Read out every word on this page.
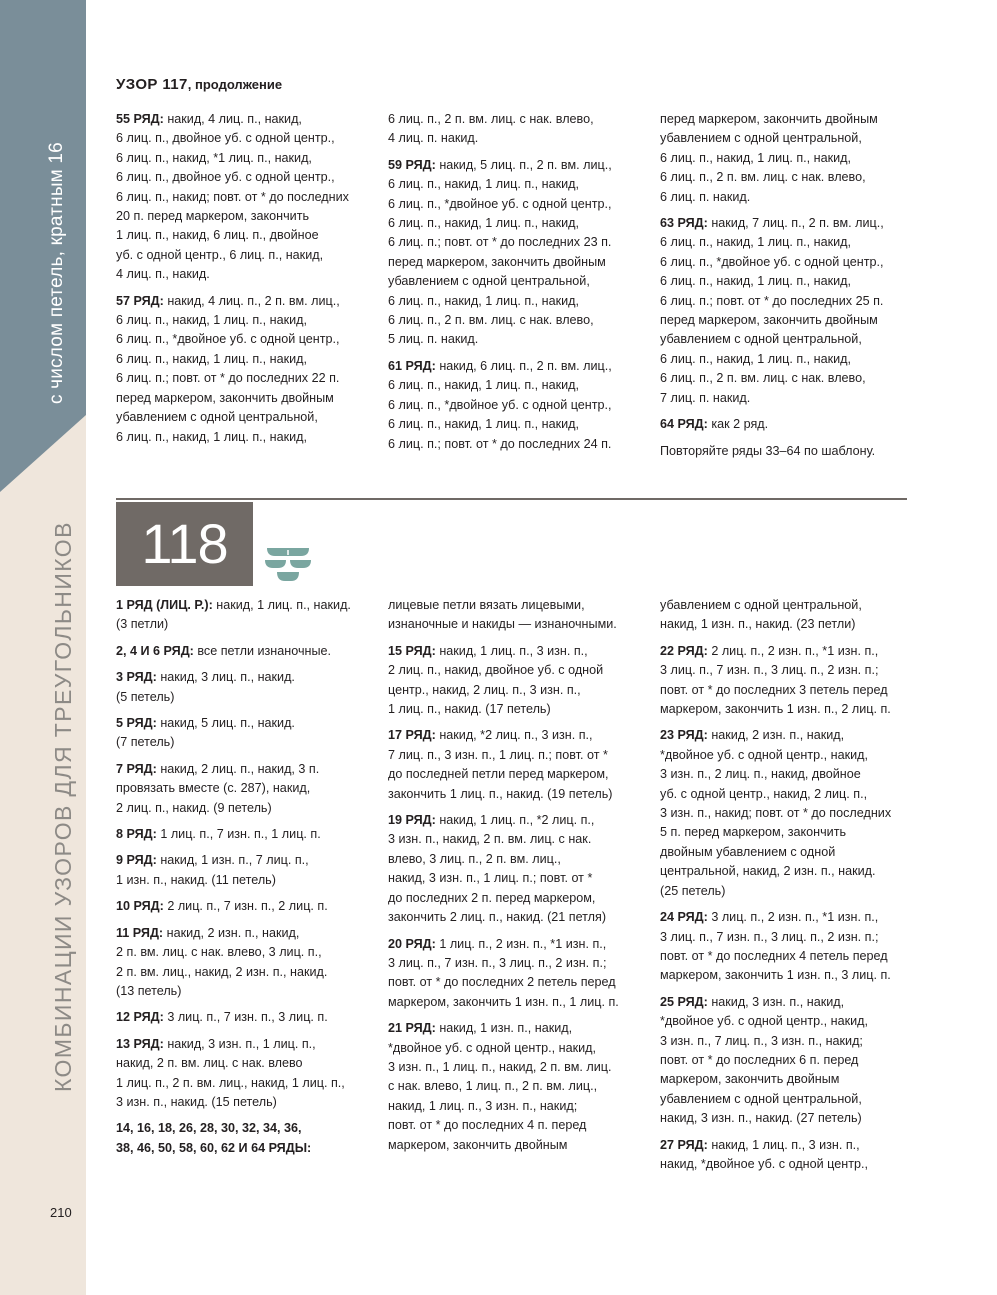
с числом петель, кратным 16
КОМБИНАЦИИ УЗОРОВ ДЛЯ ТРЕУГОЛЬНИКОВ
210
УЗОР 117, продолжение

55 РЯД: накид, 4 лиц. п., накид,
6 лиц. п., двойное уб. с одной центр.,
6 лиц. п., накид, *1 лиц. п., накид,
6 лиц. п., двойное уб. с одной центр.,
6 лиц. п., накид; повт. от * до последних
20 п. перед маркером, закончить
1 лиц. п., накид, 6 лиц. п., двойное
уб. с одной центр., 6 лиц. п., накид,
4 лиц. п., накид.

57 РЯД: накид, 4 лиц. п., 2 п. вм. лиц.,
6 лиц. п., накид, 1 лиц. п., накид,
6 лиц. п., *двойное уб. с одной центр.,
6 лиц. п., накид, 1 лиц. п., накид,
6 лиц. п.; повт. от * до последних 22 п.
перед маркером, закончить двойным
убавлением с одной центральной,
6 лиц. п., накид, 1 лиц. п., накид,

6 лиц. п., 2 п. вм. лиц. с нак. влево,
4 лиц. п. накид.

59 РЯД: накид, 5 лиц. п., 2 п. вм. лиц.,
6 лиц. п., накид, 1 лиц. п., накид,
6 лиц. п., *двойное уб. с одной центр.,
6 лиц. п., накид, 1 лиц. п., накид,
6 лиц. п.; повт. от * до последних 23 п.
перед маркером, закончить двойным
убавлением с одной центральной,
6 лиц. п., накид, 1 лиц. п., накид,
6 лиц. п., 2 п. вм. лиц. с нак. влево,
5 лиц. п. накид.

61 РЯД: накид, 6 лиц. п., 2 п. вм. лиц.,
6 лиц. п., накид, 1 лиц. п., накид,
6 лиц. п., *двойное уб. с одной центр.,
6 лиц. п., накид, 1 лиц. п., накид,
6 лиц. п.; повт. от * до последних 24 п.

перед маркером, закончить двойным
убавлением с одной центральной,
6 лиц. п., накид, 1 лиц. п., накид,
6 лиц. п., 2 п. вм. лиц. с нак. влево,
6 лиц. п. накид.

63 РЯД: накид, 7 лиц. п., 2 п. вм. лиц.,
6 лиц. п., накид, 1 лиц. п., накид,
6 лиц. п., *двойное уб. с одной центр.,
6 лиц. п., накид, 1 лиц. п., накид,
6 лиц. п.; повт. от * до последних 25 п.
перед маркером, закончить двойным
убавлением с одной центральной,
6 лиц. п., накид, 1 лиц. п., накид,
6 лиц. п., 2 п. вм. лиц. с нак. влево,
7 лиц. п. накид.

64 РЯД: как 2 ряд.

Повторяйте ряды 33–64 по шаблону.

118

1 РЯД (ЛИЦ. Р.): накид, 1 лиц. п., накид.
(3 петли)

2, 4 И 6 РЯД: все петли изнаночные.

3 РЯД: накид, 3 лиц. п., накид.
(5 петель)

5 РЯД: накид, 5 лиц. п., накид.
(7 петель)

7 РЯД: накид, 2 лиц. п., накид, 3 п.
провязать вместе (с. 287), накид,
2 лиц. п., накид. (9 петель)

8 РЯД: 1 лиц. п., 7 изн. п., 1 лиц. п.

9 РЯД: накид, 1 изн. п., 7 лиц. п.,
1 изн. п., накид. (11 петель)

10 РЯД: 2 лиц. п., 7 изн. п., 2 лиц. п.

11 РЯД: накид, 2 изн. п., накид,
2 п. вм. лиц. с нак. влево, 3 лиц. п.,
2 п. вм. лиц., накид, 2 изн. п., накид.
(13 петель)

12 РЯД: 3 лиц. п., 7 изн. п., 3 лиц. п.

13 РЯД: накид, 3 изн. п., 1 лиц. п.,
накид, 2 п. вм. лиц. с нак. влево
1 лиц. п., 2 п. вм. лиц., накид, 1 лиц. п.,
3 изн. п., накид. (15 петель)

14, 16, 18, 26, 28, 30, 32, 34, 36,
38, 46, 50, 58, 60, 62 И 64 РЯДЫ:

лицевые петли вязать лицевыми,
изнаночные и накиды — изнаночными.

15 РЯД: накид, 1 лиц. п., 3 изн. п.,
2 лиц. п., накид, двойное уб. с одной
центр., накид, 2 лиц. п., 3 изн. п.,
1 лиц. п., накид. (17 петель)

17 РЯД: накид, *2 лиц. п., 3 изн. п.,
7 лиц. п., 3 изн. п., 1 лиц. п.; повт. от *
до последней петли перед маркером,
закончить 1 лиц. п., накид. (19 петель)

19 РЯД: накид, 1 лиц. п., *2 лиц. п.,
3 изн. п., накид, 2 п. вм. лиц. с нак.
влево, 3 лиц. п., 2 п. вм. лиц.,
накид, 3 изн. п., 1 лиц. п.; повт. от *
до последних 2 п. перед маркером,
закончить 2 лиц. п., накид. (21 петля)

20 РЯД: 1 лиц. п., 2 изн. п., *1 изн. п.,
3 лиц. п., 7 изн. п., 3 лиц. п., 2 изн. п.;
повт. от * до последних 2 петель перед
маркером, закончить 1 изн. п., 1 лиц. п.

21 РЯД: накид, 1 изн. п., накид,
*двойное уб. с одной центр., накид,
3 изн. п., 1 лиц. п., накид, 2 п. вм. лиц.
с нак. влево, 1 лиц. п., 2 п. вм. лиц.,
накид, 1 лиц. п., 3 изн. п., накид;
повт. от * до последних 4 п. перед
маркером, закончить двойным

убавлением с одной центральной,
накид, 1 изн. п., накид. (23 петли)

22 РЯД: 2 лиц. п., 2 изн. п., *1 изн. п.,
3 лиц. п., 7 изн. п., 3 лиц. п., 2 изн. п.;
повт. от * до последних 3 петель перед
маркером, закончить 1 изн. п., 2 лиц. п.

23 РЯД: накид, 2 изн. п., накид,
*двойное уб. с одной центр., накид,
3 изн. п., 2 лиц. п., накид, двойное
уб. с одной центр., накид, 2 лиц. п.,
3 изн. п., накид; повт. от * до последних
5 п. перед маркером, закончить
двойным убавлением с одной
центральной, накид, 2 изн. п., накид.
(25 петель)

24 РЯД: 3 лиц. п., 2 изн. п., *1 изн. п.,
3 лиц. п., 7 изн. п., 3 лиц. п., 2 изн. п.;
повт. от * до последних 4 петель перед
маркером, закончить 1 изн. п., 3 лиц. п.

25 РЯД: накид, 3 изн. п., накид,
*двойное уб. с одной центр., накид,
3 изн. п., 7 лиц. п., 3 изн. п., накид;
повт. от * до последних 6 п. перед
маркером, закончить двойным
убавлением с одной центральной,
накид, 3 изн. п., накид. (27 петель)

27 РЯД: накид, 1 лиц. п., 3 изн. п.,
накид, *двойное уб. с одной центр.,
